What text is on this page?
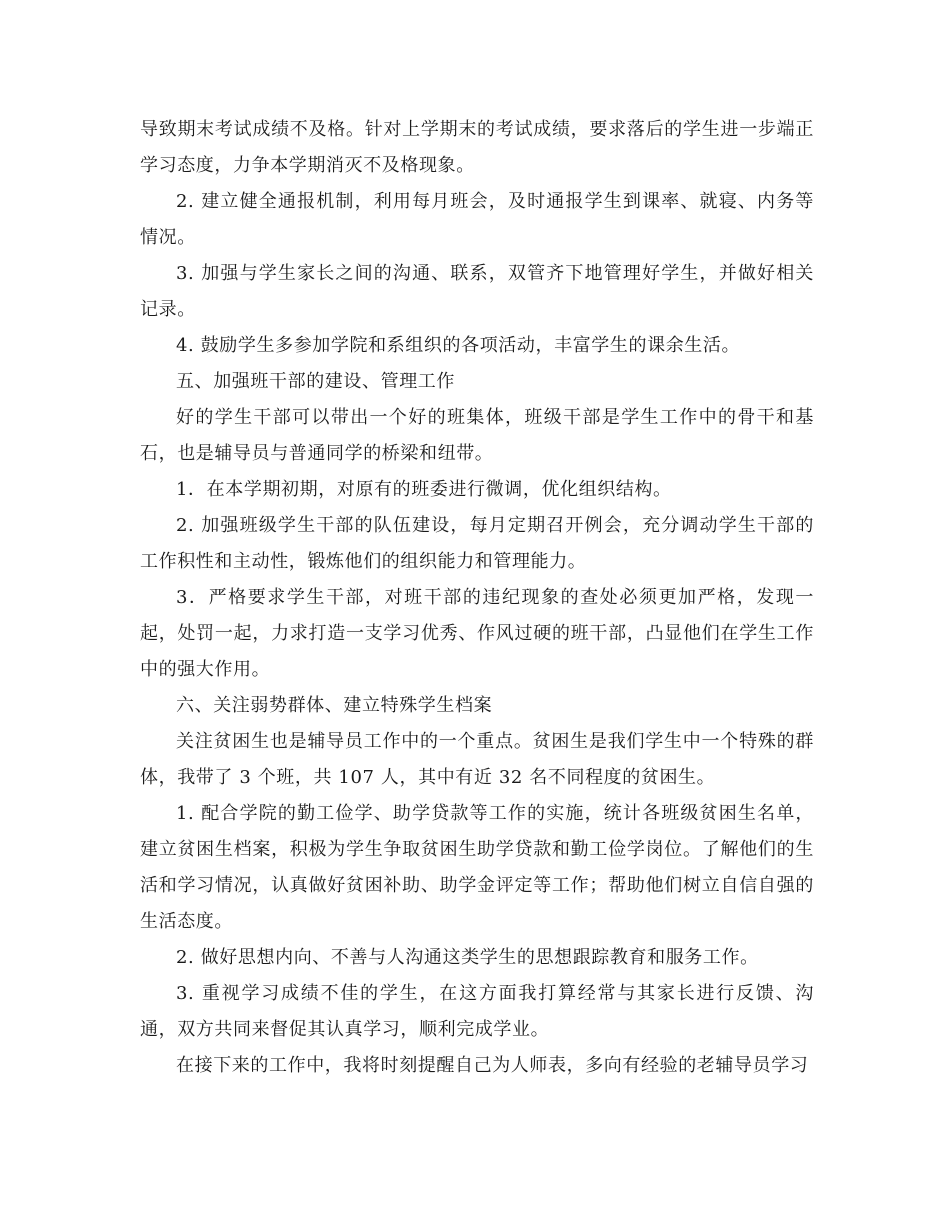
导致期末考试成绩不及格。针对上学期末的考试成绩，要求落后的学生进一步端正学习态度，力争本学期消灭不及格现象。

2. 建立健全通报机制，利用每月班会，及时通报学生到课率、就寝、内务等情况。

3. 加强与学生家长之间的沟通、联系，双管齐下地管理好学生，并做好相关记录。

4. 鼓励学生多参加学院和系组织的各项活动，丰富学生的课余生活。

五、加强班干部的建设、管理工作

好的学生干部可以带出一个好的班集体，班级干部是学生工作中的骨干和基石，也是辅导员与普通同学的桥梁和纽带。

1．在本学期初期，对原有的班委进行微调，优化组织结构。

2. 加强班级学生干部的队伍建设，每月定期召开例会，充分调动学生干部的工作积性和主动性，锻炼他们的组织能力和管理能力。

3．严格要求学生干部，对班干部的违纪现象的查处必须更加严格，发现一起，处罚一起，力求打造一支学习优秀、作风过硬的班干部，凸显他们在学生工作中的强大作用。

六、关注弱势群体、建立特殊学生档案

关注贫困生也是辅导员工作中的一个重点。贫困生是我们学生中一个特殊的群体，我带了 3 个班，共 107 人，其中有近 32 名不同程度的贫困生。

1. 配合学院的勤工俭学、助学贷款等工作的实施，统计各班级贫困生名单，建立贫困生档案，积极为学生争取贫困生助学贷款和勤工俭学岗位。了解他们的生活和学习情况，认真做好贫困补助、助学金评定等工作；帮助他们树立自信自强的生活态度。

2. 做好思想内向、不善与人沟通这类学生的思想跟踪教育和服务工作。

3. 重视学习成绩不佳的学生，在这方面我打算经常与其家长进行反馈、沟通，双方共同来督促其认真学习，顺利完成学业。

在接下来的工作中，我将时刻提醒自己为人师表，多向有经验的老辅导员学习
